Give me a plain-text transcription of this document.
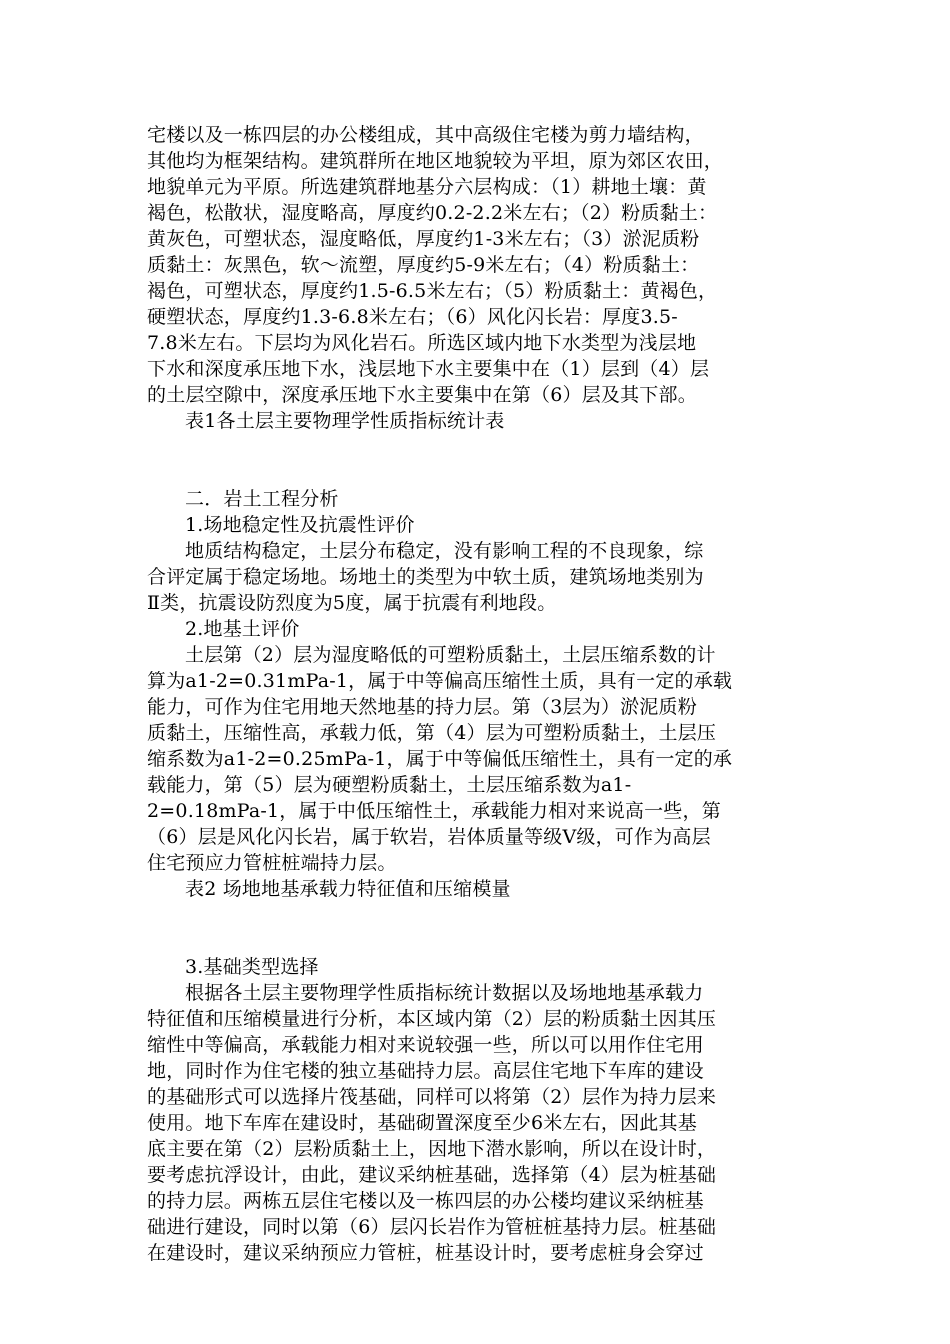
宅楼以及一栋四层的办公楼组成，其中高级住宅楼为剪力墙结构，
其他均为框架结构。建筑群所在地区地貌较为平坦，原为郊区农田，
地貌单元为平原。所选建筑群地基分六层构成：（1）耕地土壤：黄
褐色，松散状，湿度略高，厚度约0.2-2.2米左右；（2）粉质黏土：
黄灰色，可塑状态，湿度略低，厚度约1-3米左右；（3）淤泥质粉
质黏土：灰黑色，软～流塑，厚度约5-9米左右；（4）粉质黏土：
褐色，可塑状态，厚度约1.5-6.5米左右；（5）粉质黏土：黄褐色，
硬塑状态，厚度约1.3-6.8米左右；（6）风化闪长岩：厚度3.5-
7.8米左右。下层均为风化岩石。所选区域内地下水类型为浅层地
下水和深度承压地下水，浅层地下水主要集中在（1）层到（4）层
的土层空隙中，深度承压地下水主要集中在第（6）层及其下部。
表1各土层主要物理学性质指标统计表
二．岩土工程分析
1.场地稳定性及抗震性评价
地质结构稳定，土层分布稳定，没有影响工程的不良现象，综
合评定属于稳定场地。场地土的类型为中软土质，建筑场地类别为
Ⅱ类，抗震设防烈度为5度，属于抗震有利地段。
2.地基土评价
土层第（2）层为湿度略低的可塑粉质黏土，土层压缩系数的计
算为a1-2=0.31mPa-1，属于中等偏高压缩性土质，具有一定的承载
能力，可作为住宅用地天然地基的持力层。第（3层为）淤泥质粉
质黏土，压缩性高，承载力低，第（4）层为可塑粉质黏土，土层压
缩系数为a1-2=0.25mPa-1，属于中等偏低压缩性土，具有一定的承
载能力，第（5）层为硬塑粉质黏土，土层压缩系数为a1-
2=0.18mPa-1，属于中低压缩性土，承载能力相对来说高一些，第
（6）层是风化闪长岩，属于软岩，岩体质量等级Ⅴ级，可作为高层
住宅预应力管桩桩端持力层。
表2 场地地基承载力特征值和压缩模量
3.基础类型选择
根据各土层主要物理学性质指标统计数据以及场地地基承载力
特征值和压缩模量进行分析，本区域内第（2）层的粉质黏土因其压
缩性中等偏高，承载能力相对来说较强一些，所以可以用作住宅用
地，同时作为住宅楼的独立基础持力层。高层住宅地下车库的建设
的基础形式可以选择片筏基础，同样可以将第（2）层作为持力层来
使用。地下车库在建设时，基础砌置深度至少6米左右，因此其基
底主要在第（2）层粉质黏土上，因地下潜水影响，所以在设计时，
要考虑抗浮设计，由此，建议采纳桩基础，选择第（4）层为桩基础
的持力层。两栋五层住宅楼以及一栋四层的办公楼均建议采纳桩基
础进行建设，同时以第（6）层闪长岩作为管桩桩基持力层。桩基础
在建设时，建议采纳预应力管桩，桩基设计时，要考虑桩身会穿过
